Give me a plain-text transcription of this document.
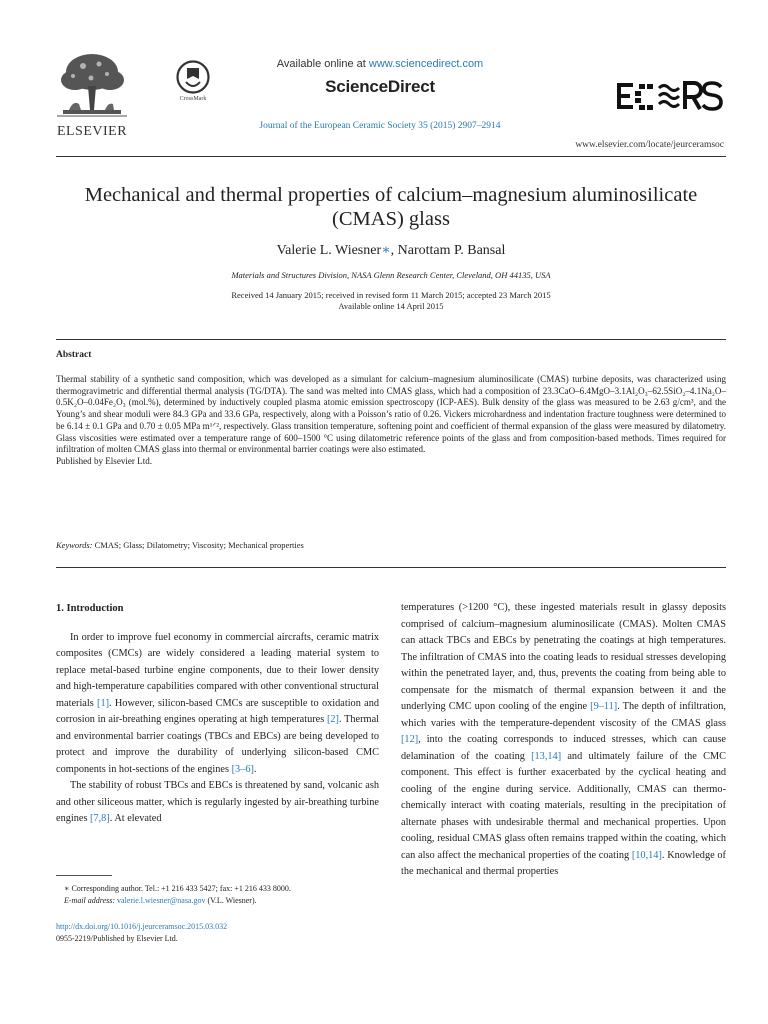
ELSEVIER
CrossMark
Available online at www.sciencedirect.com
ScienceDirect
Journal of the European Ceramic Society 35 (2015) 2907–2914
www.elsevier.com/locate/jeurceramsoc
Mechanical and thermal properties of calcium–magnesium aluminosilicate
(CMAS) glass
Valerie L. Wiesner∗, Narottam P. Bansal
Materials and Structures Division, NASA Glenn Research Center, Cleveland, OH 44135, USA
Received 14 January 2015; received in revised form 11 March 2015; accepted 23 March 2015
Available online 14 April 2015
Abstract

Thermal stability of a synthetic sand composition, which was developed as a simulant for calcium–magnesium aluminosilicate (CMAS) turbine deposits, was characterized using thermogravimetric and differential thermal analysis (TG/DTA). The sand was melted into CMAS glass, which had a composition of 23.3CaO–6.4MgO–3.1Al₂O₃–62.5SiO₂–4.1Na₂O–0.5K₂O–0.04Fe₂O₃ (mol.%), determined by inductively coupled plasma atomic emission spectroscopy (ICP-AES). Bulk density of the glass was measured to be 2.63 g/cm³, and the Young’s and shear moduli were 84.3 GPa and 33.6 GPa, respectively, along with a Poisson’s ratio of 0.26. Vickers microhardness and indentation fracture toughness were determined to be 6.14 ± 0.1 GPa and 0.70 ± 0.05 MPa m¹ᐟ², respectively. Glass transition temperature, softening point and coefficient of thermal expansion of the glass were measured by dilatometry. Glass viscosities were estimated over a temperature range of 600–1500 °C using dilatometric reference points of the glass and from composition-based methods. Times required for infiltration of molten CMAS glass into thermal or environmental barrier coatings were also estimated.

Published by Elsevier Ltd.

Keywords: CMAS; Glass; Dilatometry; Viscosity; Mechanical properties
1. Introduction

In order to improve fuel economy in commercial aircrafts, ceramic matrix composites (CMCs) are widely considered a leading material system to replace metal-based turbine engine components, due to their lower density and high-temperature capabilities compared with other conventional structural materials [1]. However, silicon-based CMCs are susceptible to oxidation and corrosion in air-breathing engines operating at high temperatures [2]. Thermal and environmental barrier coatings (TBCs and EBCs) are being developed to protect and improve the durability of underlying silicon-based CMC components in hot-sections of the engines [3–6].

The stability of robust TBCs and EBCs is threatened by sand, volcanic ash and other siliceous matter, which is regularly ingested by air-breathing turbine engines [7,8]. At elevated

∗ Corresponding author. Tel.: +1 216 433 5427; fax: +1 216 433 8000.
E-mail address: valerie.l.wiesner@nasa.gov (V.L. Wiesner).
http://dx.doi.org/10.1016/j.jeurceramsoc.2015.03.032
0955-2219/Published by Elsevier Ltd.

temperatures (>1200 °C), these ingested materials result in glassy deposits comprised of calcium–magnesium aluminosilicate (CMAS). Molten CMAS can attack TBCs and EBCs by penetrating the coatings at high temperatures. The infiltration of CMAS into the coating leads to residual stresses developing within the penetrated layer, and, thus, prevents the coating from being able to compensate for the mismatch of thermal expansion between it and the underlying CMC upon cooling of the engine [9–11]. The depth of infiltration, which varies with the temperature-dependent viscosity of the CMAS glass [12], into the coating corresponds to induced stresses, which can cause delamination of the coating [13,14] and ultimately failure of the CMC component. This effect is further exacerbated by the cyclical heating and cooling of the engine during service. Additionally, CMAS can thermo-chemically interact with coating materials, resulting in the precipitation of alternate phases with undesirable thermal and mechanical properties. Upon cooling, residual CMAS glass often remains trapped within the coating, which can also affect the mechanical properties of the coating [10,14]. Knowledge of the mechanical and thermal properties
